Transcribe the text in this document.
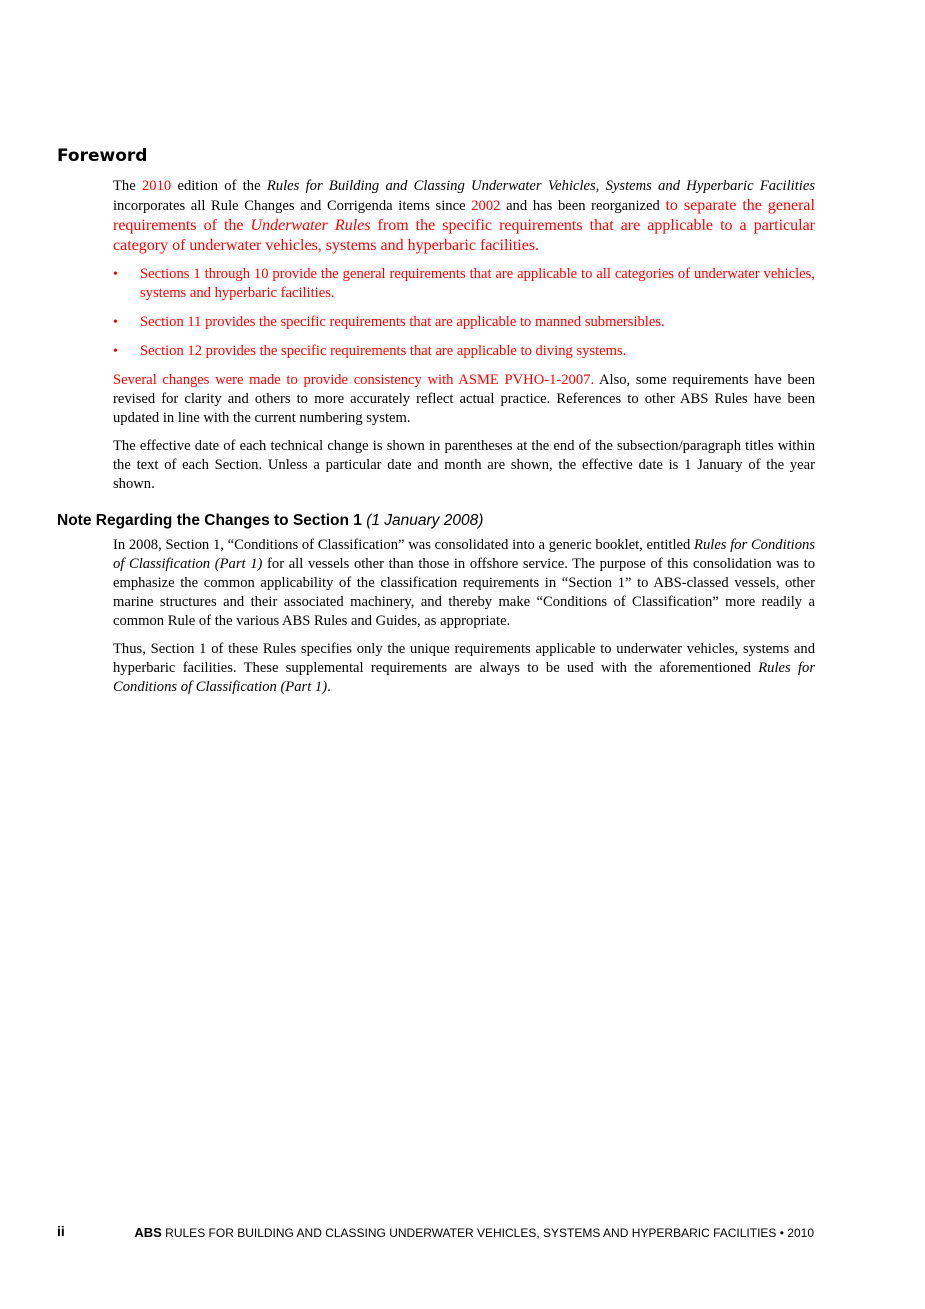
Foreword

The 2010 edition of the Rules for Building and Classing Underwater Vehicles, Systems and Hyperbaric Facilities incorporates all Rule Changes and Corrigenda items since 2002 and has been reorganized to separate the general requirements of the Underwater Rules from the specific requirements that are applicable to a particular category of underwater vehicles, systems and hyperbaric facilities.

• Sections 1 through 10 provide the general requirements that are applicable to all categories of underwater vehicles, systems and hyperbaric facilities.
• Section 11 provides the specific requirements that are applicable to manned submersibles.
• Section 12 provides the specific requirements that are applicable to diving systems.

Several changes were made to provide consistency with ASME PVHO-1-2007. Also, some requirements have been revised for clarity and others to more accurately reflect actual practice. References to other ABS Rules have been updated in line with the current numbering system.

The effective date of each technical change is shown in parentheses at the end of the subsection/paragraph titles within the text of each Section. Unless a particular date and month are shown, the effective date is 1 January of the year shown.

Note Regarding the Changes to Section 1 (1 January 2008)

In 2008, Section 1, “Conditions of Classification” was consolidated into a generic booklet, entitled Rules for Conditions of Classification (Part 1) for all vessels other than those in offshore service. The purpose of this consolidation was to emphasize the common applicability of the classification requirements in “Section 1” to ABS-classed vessels, other marine structures and their associated machinery, and thereby make “Conditions of Classification” more readily a common Rule of the various ABS Rules and Guides, as appropriate.

Thus, Section 1 of these Rules specifies only the unique requirements applicable to underwater vehicles, systems and hyperbaric facilities. These supplemental requirements are always to be used with the aforementioned Rules for Conditions of Classification (Part 1).

ii	ABS RULES FOR BUILDING AND CLASSING UNDERWATER VEHICLES, SYSTEMS AND HYPERBARIC FACILITIES • 2010
